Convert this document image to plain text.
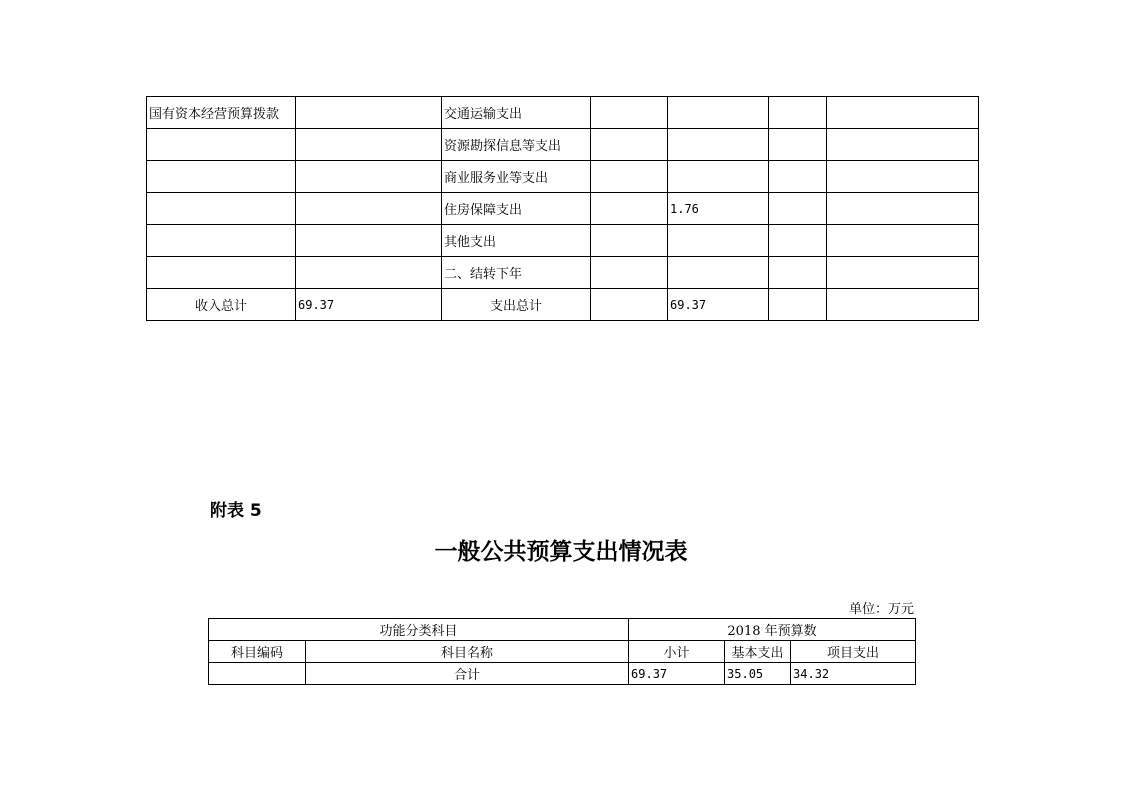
国有资本经营预算拨款		交通运输支出				
		资源勘探信息等支出				
		商业服务业等支出				
		住房保障支出		1.76		
		其他支出				
		二、结转下年				
收入总计	69.37	支出总计		69.37		
附表 5
一般公共预算支出情况表
单位：万元
功能分类科目		2018 年预算数		
科目编码	科目名称	小计	基本支出	项目支出
	合计	69.37	35.05	34.32
